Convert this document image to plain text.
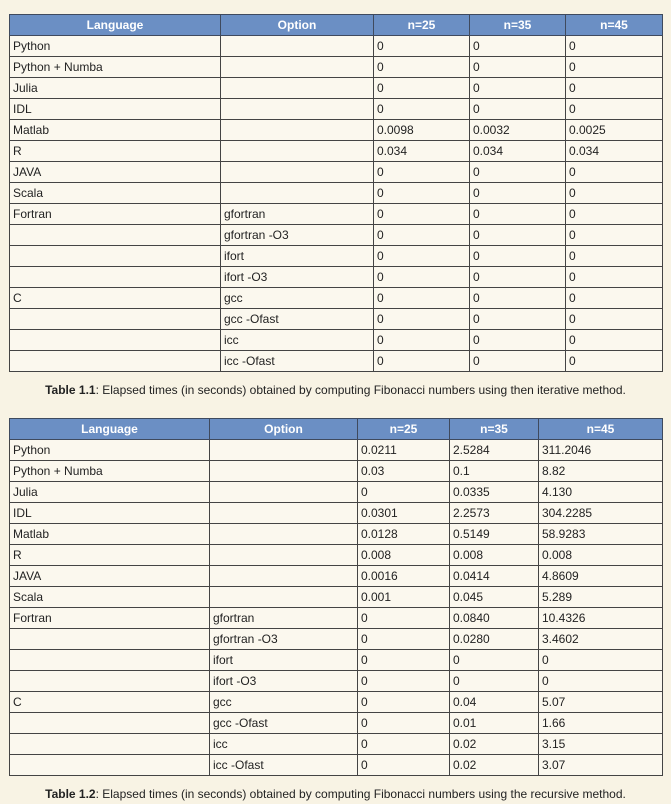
Language	Option	n=25	n=35	n=45
Python		0	0	0
Python + Numba		0	0	0
Julia		0	0	0
IDL		0	0	0
Matlab		0.0098	0.0032	0.0025
R		0.034	0.034	0.034
JAVA		0	0	0
Scala		0	0	0
Fortran	gfortran	0	0	0
	gfortran -O3	0	0	0
	ifort	0	0	0
	ifort -O3	0	0	0
C	gcc	0	0	0
	gcc -Ofast	0	0	0
	icc	0	0	0
	icc -Ofast	0	0	0
Table 1.1: Elapsed times (in seconds) obtained by computing Fibonacci numbers using then iterative method.
Language	Option	n=25	n=35	n=45
Python		0.0211	2.5284	311.2046
Python + Numba		0.03	0.1	8.82
Julia		0	0.0335	4.130
IDL		0.0301	2.2573	304.2285
Matlab		0.0128	0.5149	58.9283
R		0.008	0.008	0.008
JAVA		0.0016	0.0414	4.8609
Scala		0.001	0.045	5.289
Fortran	gfortran	0	0.0840	10.4326
	gfortran -O3	0	0.0280	3.4602
	ifort	0	0	0
	ifort -O3	0	0	0
C	gcc	0	0.04	5.07
	gcc -Ofast	0	0.01	1.66
	icc	0	0.02	3.15
	icc -Ofast	0	0.02	3.07
Table 1.2: Elapsed times (in seconds) obtained by computing Fibonacci numbers using the recursive method.
